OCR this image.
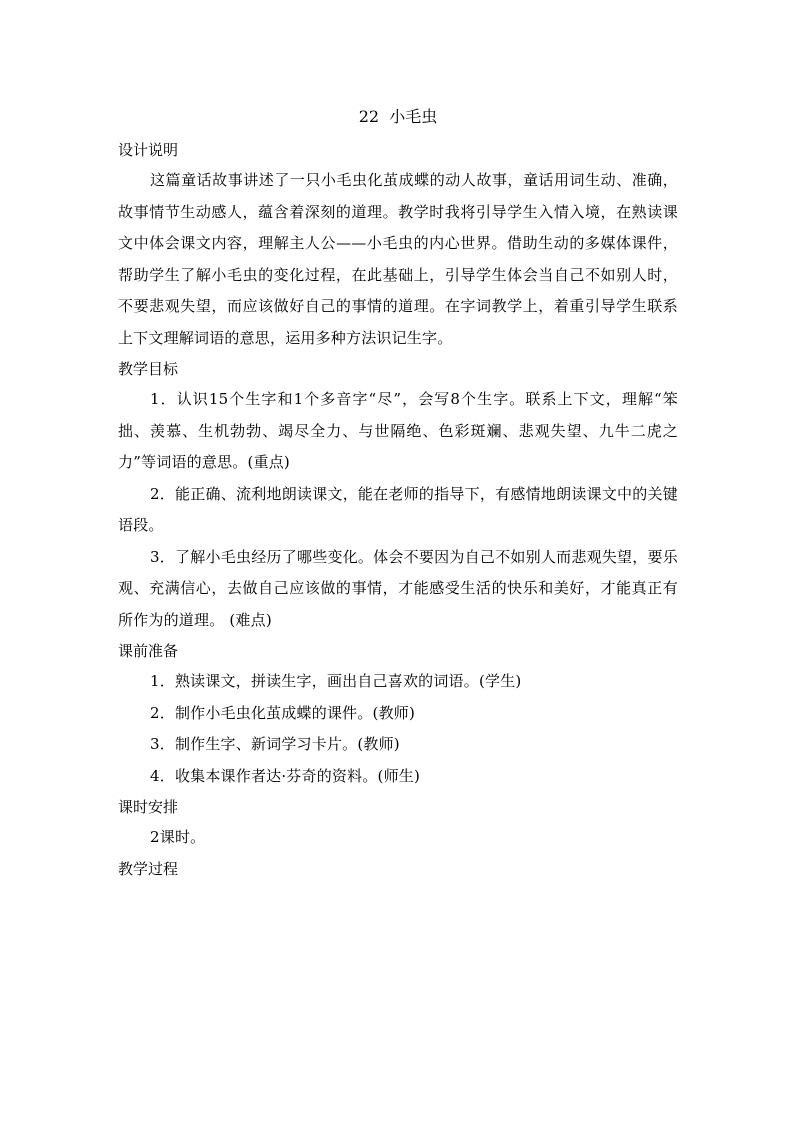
22  小毛虫
设计说明

这篇童话故事讲述了一只小毛虫化茧成蝶的动人故事，童话用词生动、准确，故事情节生动感人，蕴含着深刻的道理。教学时我将引导学生入情入境，在熟读课文中体会课文内容，理解主人公——小毛虫的内心世界。借助生动的多媒体课件，帮助学生了解小毛虫的变化过程，在此基础上，引导学生体会当自己不如别人时，不要悲观失望，而应该做好自己的事情的道理。在字词教学上，着重引导学生联系上下文理解词语的意思，运用多种方法识记生字。

教学目标

1．认识15个生字和1个多音字“尽”，会写8个生字。联系上下文，理解“笨拙、羡慕、生机勃勃、竭尽全力、与世隔绝、色彩斑斓、悲观失望、九牛二虎之力”等词语的意思。(重点)

2．能正确、流利地朗读课文，能在老师的指导下，有感情地朗读课文中的关键语段。

3．了解小毛虫经历了哪些变化。体会不要因为自己不如别人而悲观失望，要乐观、充满信心，去做自己应该做的事情，才能感受生活的快乐和美好，才能真正有所作为的道理。 (难点)

课前准备

1．熟读课文，拼读生字，画出自己喜欢的词语。(学生)

2．制作小毛虫化茧成蝶的课件。(教师)

3．制作生字、新词学习卡片。(教师)

4．收集本课作者达·芬奇的资料。(师生)

课时安排

2课时。

教学过程
